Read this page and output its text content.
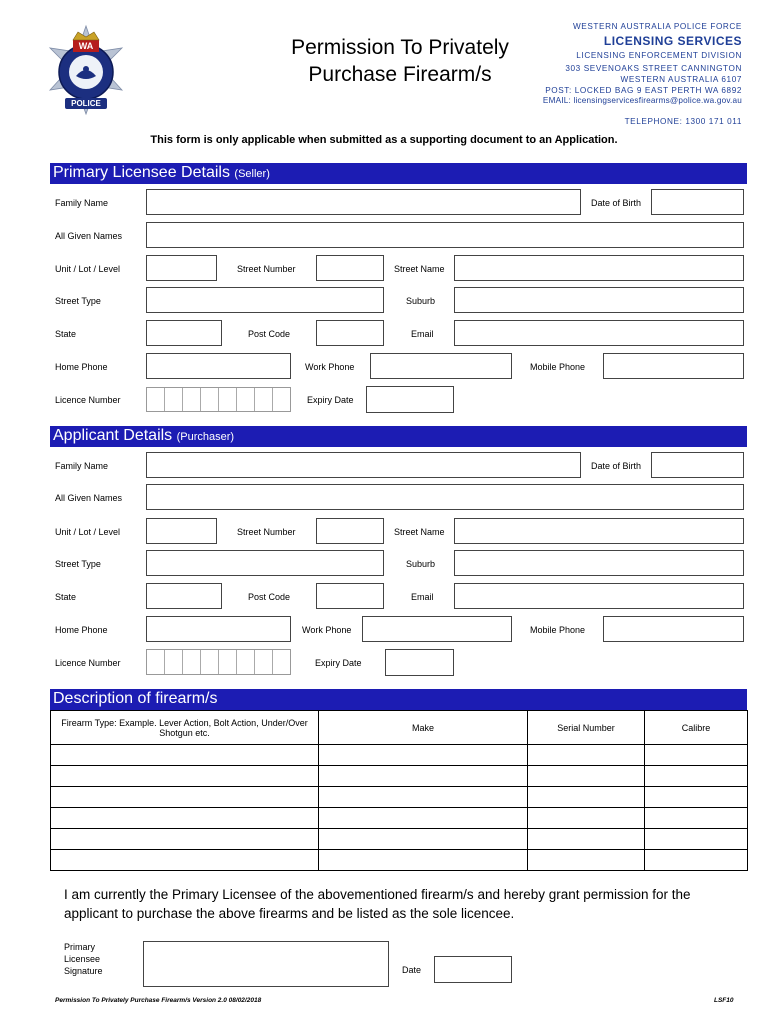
WA
POLICE
Permission To Privately
Purchase Firearm/s
WESTERN AUSTRALIA POLICE FORCE
LICENSING SERVICES
LICENSING ENFORCEMENT DIVISION
303 SEVENOAKS STREET CANNINGTON
WESTERN AUSTRALIA 6107
POST: LOCKED BAG 9 EAST PERTH WA 6892
EMAIL: licensingservicesfirearms@police.wa.gov.au
TELEPHONE: 1300 171 011
This form is only applicable when submitted as a supporting document to an Application.
Primary Licensee Details (Seller)
Family Name	Date of Birth
All Given Names
Unit / Lot / Level	Street Number	Street Name
Street Type	Suburb
State	Post Code	Email
Home Phone	Work Phone	Mobile Phone
Licence Number	Expiry Date
Applicant Details (Purchaser)
Family Name	Date of Birth
All Given Names
Unit / Lot / Level	Street Number	Street Name
Street Type	Suburb
State	Post Code	Email
Home Phone	Work Phone	Mobile Phone
Licence Number	Expiry Date
Description of firearm/s
Firearm Type: Example. Lever Action, Bolt Action, Under/Over Shotgun etc.	Make	Serial Number	Calibre

I am currently the Primary Licensee of the abovementioned firearm/s and hereby grant permission for the applicant to purchase the above firearms and be listed as the sole licencee.
Primary
Licensee
Signature	Date
Permission To Privately Purchase Firearm/s Version 2.0 08/02/2018	LSF10
